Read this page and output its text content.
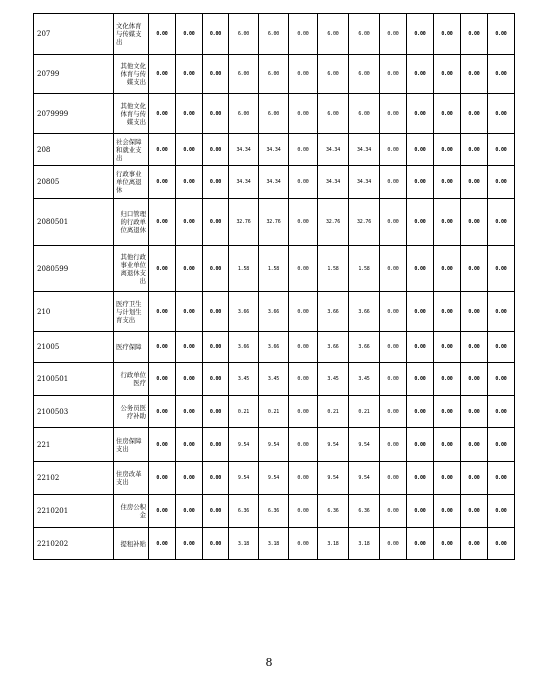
207	文化体育与传媒支出	0.00	0.00	0.00	6.00	6.00	0.00	6.00	6.00	0.00	0.00	0.00	0.00	0.00
20799	其他文化体育与传媒支出	0.00	0.00	0.00	6.00	6.00	0.00	6.00	6.00	0.00	0.00	0.00	0.00	0.00
2079999	其他文化体育与传媒支出	0.00	0.00	0.00	6.00	6.00	0.00	6.00	6.00	0.00	0.00	0.00	0.00	0.00
208	社会保障和就业支出	0.00	0.00	0.00	34.34	34.34	0.00	34.34	34.34	0.00	0.00	0.00	0.00	0.00
20805	行政事业单位离退休	0.00	0.00	0.00	34.34	34.34	0.00	34.34	34.34	0.00	0.00	0.00	0.00	0.00
2080501	归口管理的行政单位离退休	0.00	0.00	0.00	32.76	32.76	0.00	32.76	32.76	0.00	0.00	0.00	0.00	0.00
2080599	其他行政事业单位离退休支出	0.00	0.00	0.00	1.58	1.58	0.00	1.58	1.58	0.00	0.00	0.00	0.00	0.00
210	医疗卫生与计划生育支出	0.00	0.00	0.00	3.66	3.66	0.00	3.66	3.66	0.00	0.00	0.00	0.00	0.00
21005	医疗保障	0.00	0.00	0.00	3.66	3.66	0.00	3.66	3.66	0.00	0.00	0.00	0.00	0.00
2100501	行政单位医疗	0.00	0.00	0.00	3.45	3.45	0.00	3.45	3.45	0.00	0.00	0.00	0.00	0.00
2100503	公务员医疗补助	0.00	0.00	0.00	0.21	0.21	0.00	0.21	0.21	0.00	0.00	0.00	0.00	0.00
221	住房保障支出	0.00	0.00	0.00	9.54	9.54	0.00	9.54	9.54	0.00	0.00	0.00	0.00	0.00
22102	住房改革支出	0.00	0.00	0.00	9.54	9.54	0.00	9.54	9.54	0.00	0.00	0.00	0.00	0.00
2210201	住房公积金	0.00	0.00	0.00	6.36	6.36	0.00	6.36	6.36	0.00	0.00	0.00	0.00	0.00
2210202	提租补贴	0.00	0.00	0.00	3.18	3.18	0.00	3.18	3.18	0.00	0.00	0.00	0.00	0.00
8
